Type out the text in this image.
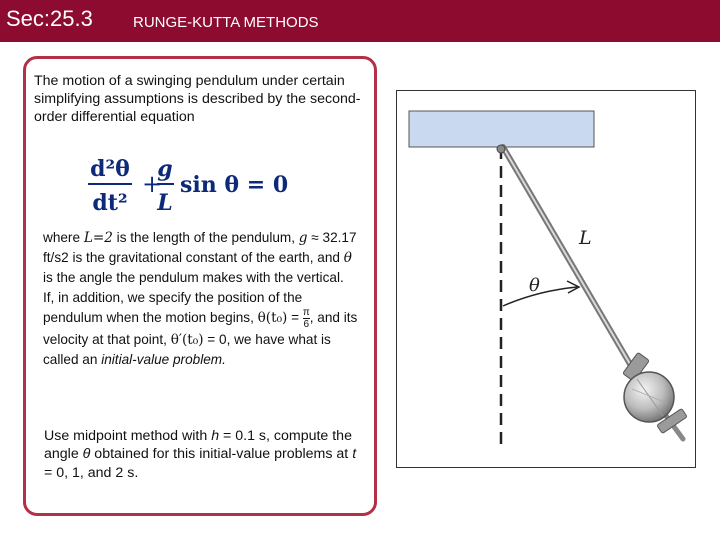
Sec:25.3	RUNGE-KUTTA METHODS
The motion of a swinging pendulum under certain simplifying assumptions is described by the second-order differential equation
d²θ
dt²
+
g
L
sin θ = 0
where L=2 is the length of the pendulum, g ≈ 32.17 ft/s2 is the gravitational constant of the earth, and θ is the angle the pendulum makes with the vertical. If, in addition, we specify the position of the pendulum when the motion begins, $\theta(t_0) = \frac{\pi}{6}$ , and its velocity at that point, θ′(t₀) = 0, we have what is called an initial-value problem.
Use midpoint method with h = 0.1 s, compute the angle θ obtained for this initial-value problems at t = 0, 1, and 2 s.
L
θ
